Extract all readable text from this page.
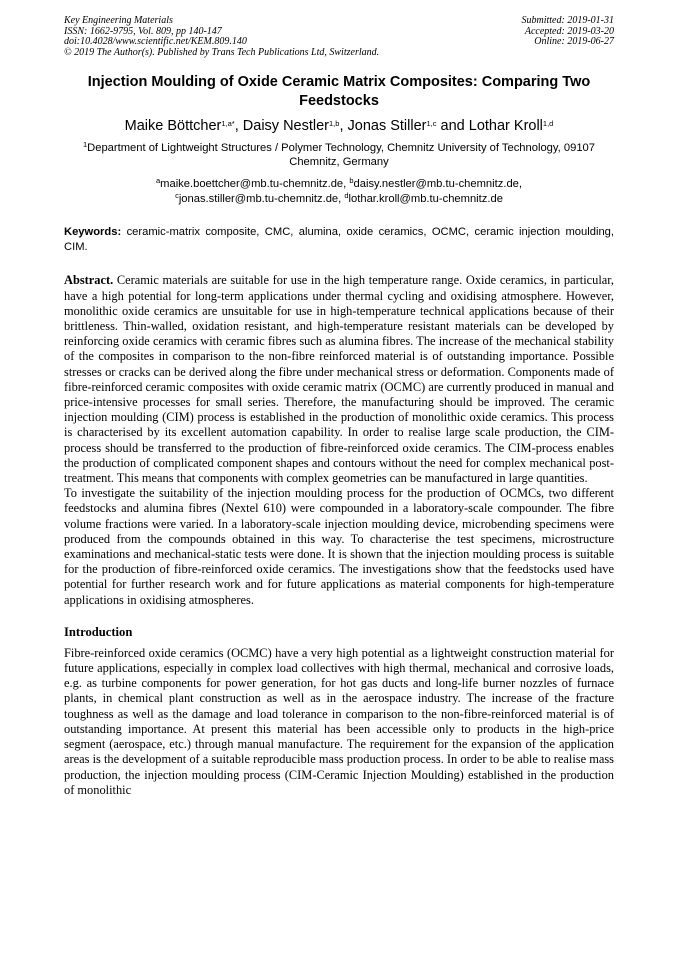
Key Engineering Materials
ISSN: 1662-9795, Vol. 809, pp 140-147
doi:10.4028/www.scientific.net/KEM.809.140
© 2019 The Author(s). Published by Trans Tech Publications Ltd, Switzerland.
Submitted: 2019-01-31
Accepted: 2019-03-20
Online: 2019-06-27
Injection Moulding of Oxide Ceramic Matrix Composites: Comparing Two Feedstocks
Maike Böttcher$^{1,a*}$, Daisy Nestler$^{1,b}$, Jonas Stiller$^{1,c}$ and Lothar Kroll$^{1,d}$
$^1$Department of Lightweight Structures / Polymer Technology, Chemnitz University of Technology, 09107 Chemnitz, Germany
$^a$maike.boettcher@mb.tu-chemnitz.de, $^b$daisy.nestler@mb.tu-chemnitz.de,
$^c$jonas.stiller@mb.tu-chemnitz.de, $^d$lothar.kroll@mb.tu-chemnitz.de
Keywords: ceramic-matrix composite, CMC, alumina, oxide ceramics, OCMC, ceramic injection moulding, CIM.

Abstract. Ceramic materials are suitable for use in the high temperature range. Oxide ceramics, in particular, have a high potential for long-term applications under thermal cycling and oxidising atmosphere. However, monolithic oxide ceramics are unsuitable for use in high-temperature technical applications because of their brittleness. Thin-walled, oxidation resistant, and high-temperature resistant materials can be developed by reinforcing oxide ceramics with ceramic fibres such as alumina fibres. The increase of the mechanical stability of the composites in comparison to the non-fibre reinforced material is of outstanding importance. Possible stresses or cracks can be derived along the fibre under mechanical stress or deformation. Components made of fibre-reinforced ceramic composites with oxide ceramic matrix (OCMC) are currently produced in manual and price-intensive processes for small series. Therefore, the manufacturing should be improved. The ceramic injection moulding (CIM) process is established in the production of monolithic oxide ceramics. This process is characterised by its excellent automation capability. In order to realise large scale production, the CIM-process should be transferred to the production of fibre-reinforced oxide ceramics. The CIM-process enables the production of complicated component shapes and contours without the need for complex mechanical post-treatment. This means that components with complex geometries can be manufactured in large quantities.

To investigate the suitability of the injection moulding process for the production of OCMCs, two different feedstocks and alumina fibres (Nextel 610) were compounded in a laboratory-scale compounder. The fibre volume fractions were varied. In a laboratory-scale injection moulding device, microbending specimens were produced from the compounds obtained in this way. To characterise the test specimens, microstructure examinations and mechanical-static tests were done. It is shown that the injection moulding process is suitable for the production of fibre-reinforced oxide ceramics. The investigations show that the feedstocks used have potential for further research work and for future applications as material components for high-temperature applications in oxidising atmospheres.

Introduction

Fibre-reinforced oxide ceramics (OCMC) have a very high potential as a lightweight construction material for future applications, especially in complex load collectives with high thermal, mechanical and corrosive loads, e.g. as turbine components for power generation, for hot gas ducts and long-life burner nozzles of furnace plants, in chemical plant construction as well as in the aerospace industry. The increase of the fracture toughness as well as the damage and load tolerance in comparison to the non-fibre-reinforced material is of outstanding importance. At present this material has been accessible only to products in the high-price segment (aerospace, etc.) through manual manufacture. The requirement for the expansion of the application areas is the development of a suitable reproducible mass production process. In order to be able to realise mass production, the injection moulding process (CIM-Ceramic Injection Moulding) established in the production of monolithic
